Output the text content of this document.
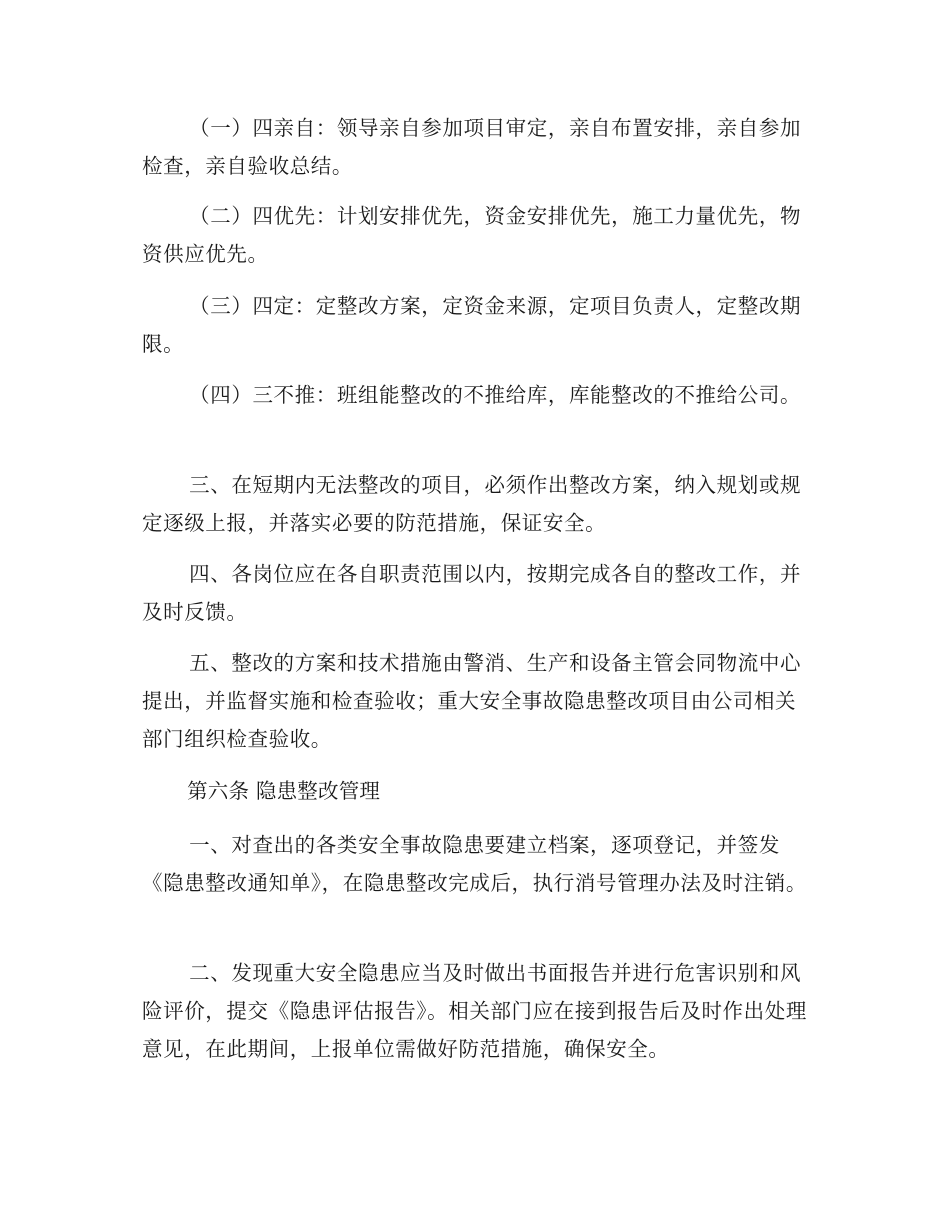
（一）四亲自：领导亲自参加项目审定，亲自布置安排，亲自参加检查，亲自验收总结。

（二）四优先：计划安排优先，资金安排优先，施工力量优先，物资供应优先。

（三）四定：定整改方案，定资金来源，定项目负责人，定整改期限。

（四）三不推：班组能整改的不推给库，库能整改的不推给公司。

三、在短期内无法整改的项目，必须作出整改方案，纳入规划或规定逐级上报，并落实必要的防范措施，保证安全。

四、各岗位应在各自职责范围以内，按期完成各自的整改工作，并及时反馈。

五、整改的方案和技术措施由警消、生产和设备主管会同物流中心提出，并监督实施和检查验收；重大安全事故隐患整改项目由公司相关部门组织检查验收。

第六条 隐患整改管理

一、对查出的各类安全事故隐患要建立档案，逐项登记，并签发《隐患整改通知单》，在隐患整改完成后，执行消号管理办法及时注销。

二、发现重大安全隐患应当及时做出书面报告并进行危害识别和风险评价，提交《隐患评估报告》。相关部门应在接到报告后及时作出处理意见，在此期间，上报单位需做好防范措施，确保安全。
